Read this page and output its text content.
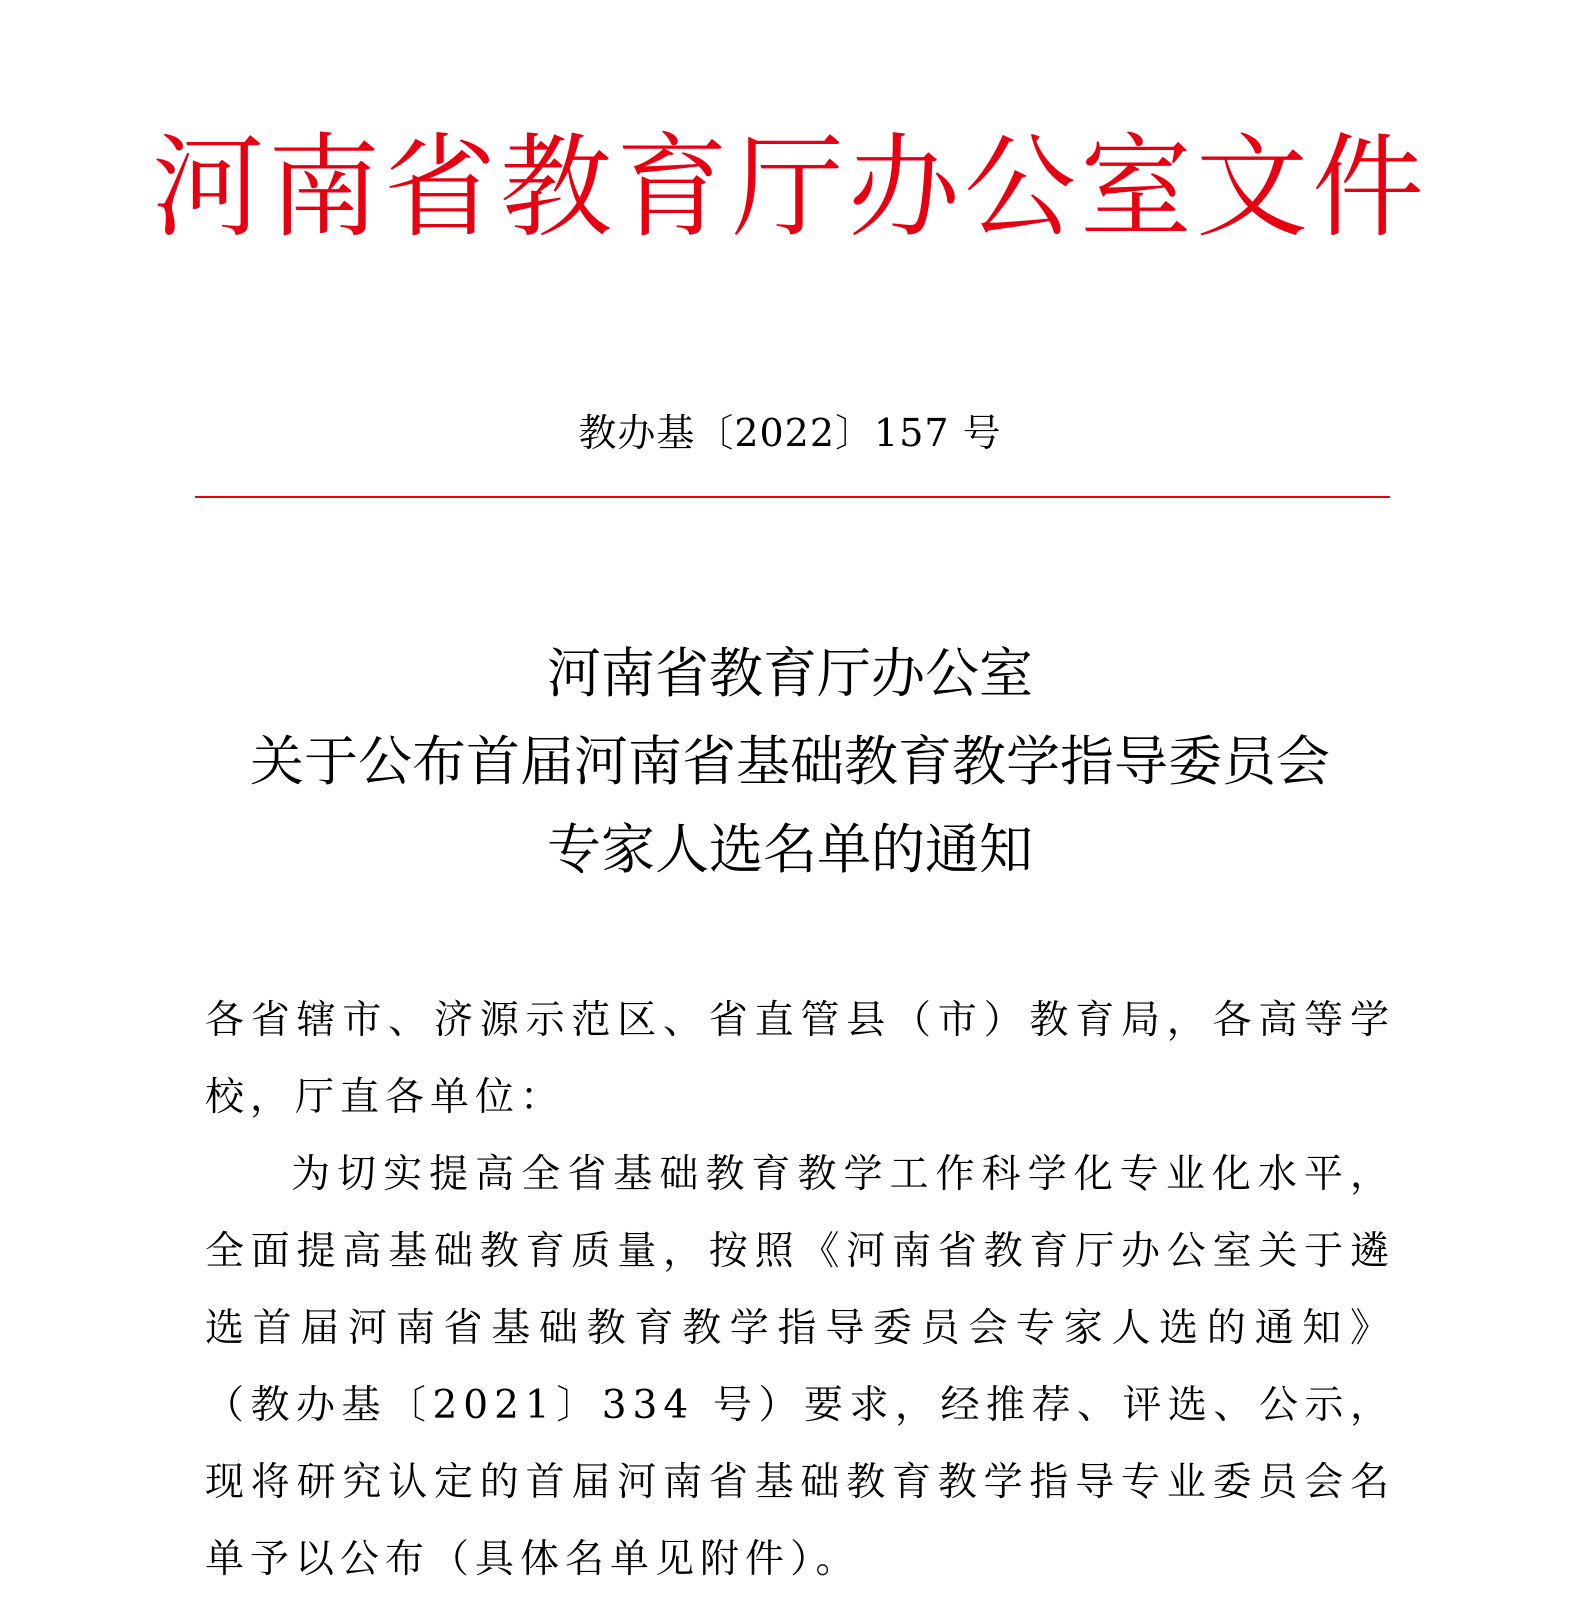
河南省教育厅办公室文件
教办基〔2022〕157 号
河南省教育厅办公室
关于公布首届河南省基础教育教学指导委员会
专家人选名单的通知

各省辖市、济源示范区、省直管县（市）教育局，各高等学校，厅直各单位：

为切实提高全省基础教育教学工作科学化专业化水平，全面提高基础教育质量，按照《河南省教育厅办公室关于遴选首届河南省基础教育教学指导委员会专家人选的通知》（教办基〔2021〕334 号）要求，经推荐、评选、公示，现将研究认定的首届河南省基础教育教学指导专业委员会名单予以公布（具体名单见附件）。
